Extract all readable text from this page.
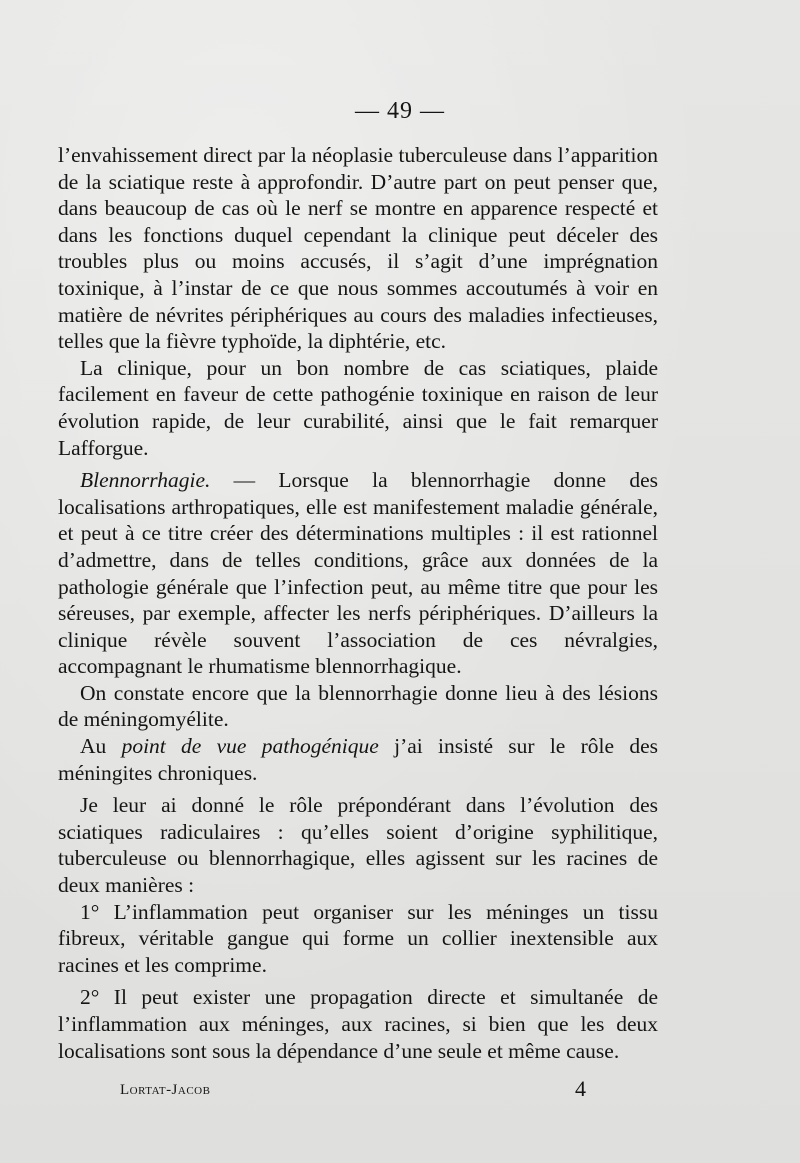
— 49 —

l’envahissement direct par la néoplasie tuberculeuse dans l’apparition de la sciatique reste à approfondir. D’autre part on peut penser que, dans beaucoup de cas où le nerf se montre en apparence respecté et dans les fonctions duquel cependant la clinique peut déceler des troubles plus ou moins accusés, il s’agit d’une imprégnation toxinique, à l’instar de ce que nous sommes accoutumés à voir en matière de névrites périphériques au cours des maladies infectieuses, telles que la fièvre typhoïde, la diphtérie, etc.

La clinique, pour un bon nombre de cas sciatiques, plaide facilement en faveur de cette pathogénie toxinique en raison de leur évolution rapide, de leur curabilité, ainsi que le fait remarquer Lafforgue.

Blennorrhagie. — Lorsque la blennorrhagie donne des localisations arthropatiques, elle est manifestement maladie générale, et peut à ce titre créer des déterminations multiples : il est rationnel d’admettre, dans de telles conditions, grâce aux données de la pathologie générale que l’infection peut, au même titre que pour les séreuses, par exemple, affecter les nerfs périphériques. D’ailleurs la clinique révèle souvent l’association de ces névralgies, accompagnant le rhumatisme blennorrhagique.

On constate encore que la blennorrhagie donne lieu à des lésions de méningomyélite.

Au point de vue pathogénique j’ai insisté sur le rôle des méningites chroniques.

Je leur ai donné le rôle prépondérant dans l’évolution des sciatiques radiculaires : qu’elles soient d’origine syphilitique, tuberculeuse ou blennorrhagique, elles agissent sur les racines de deux manières :

1° L’inflammation peut organiser sur les méninges un tissu fibreux, véritable gangue qui forme un collier inextensible aux racines et les comprime.

2° Il peut exister une propagation directe et simultanée de l’inflammation aux méninges, aux racines, si bien que les deux localisations sont sous la dépendance d’une seule et même cause.

Lortat-Jacob	4
